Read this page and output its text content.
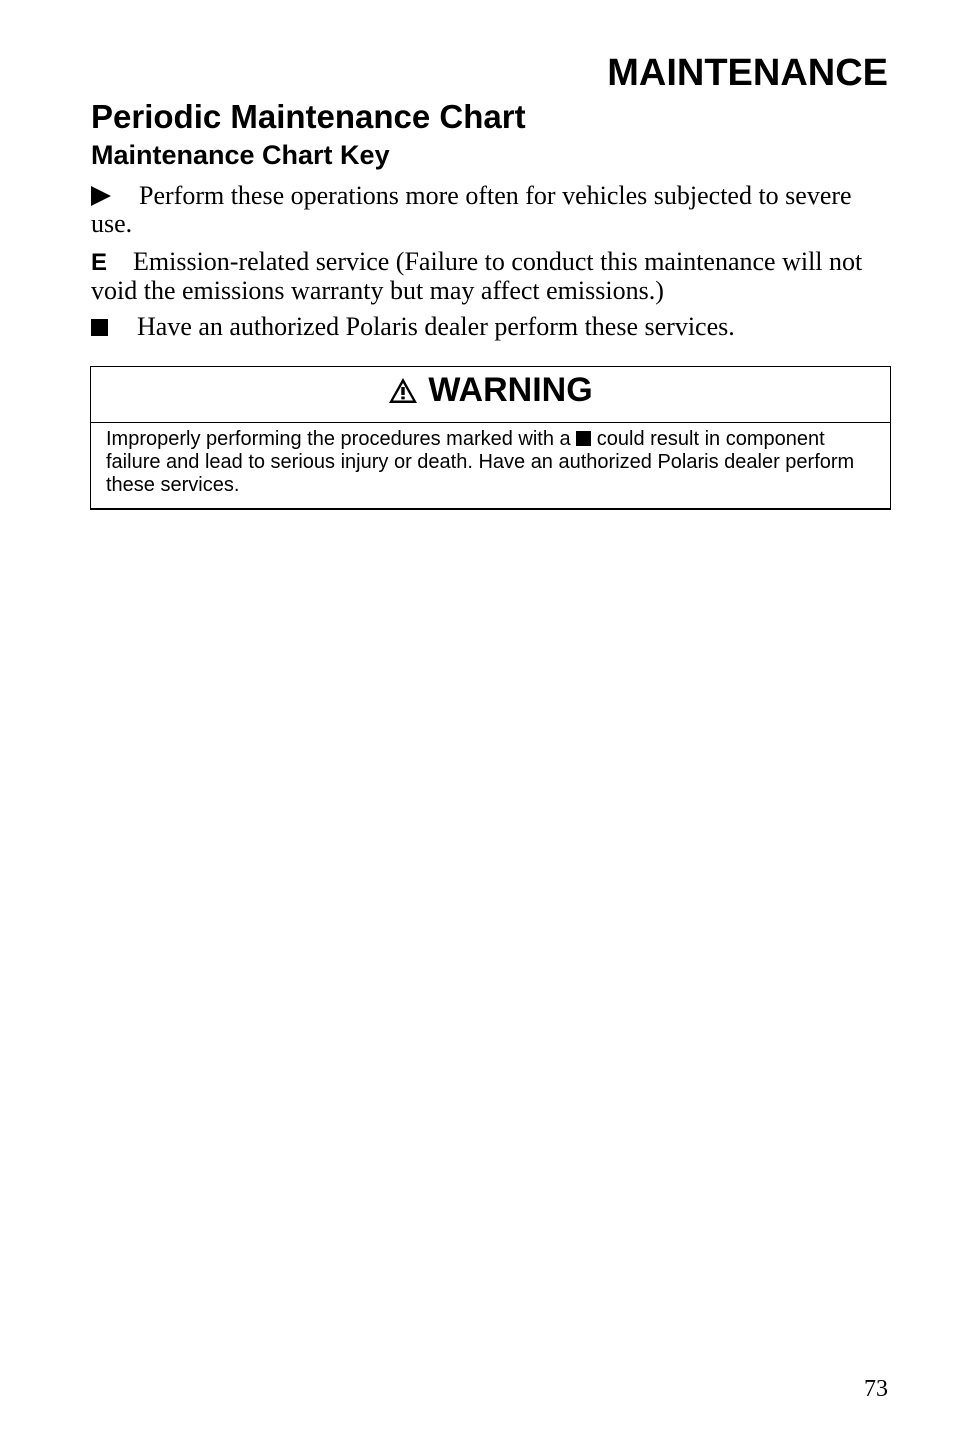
MAINTENANCE
Periodic Maintenance Chart
Maintenance Chart Key
Perform these operations more often for vehicles subjected to severe use.
E Emission-related service (Failure to conduct this maintenance will not void the emissions warranty but may affect emissions.)
Have an authorized Polaris dealer perform these services.
WARNING
Improperly performing the procedures marked with a  could result in component failure and lead to serious injury or death. Have an authorized Polaris dealer perform these services.
73
